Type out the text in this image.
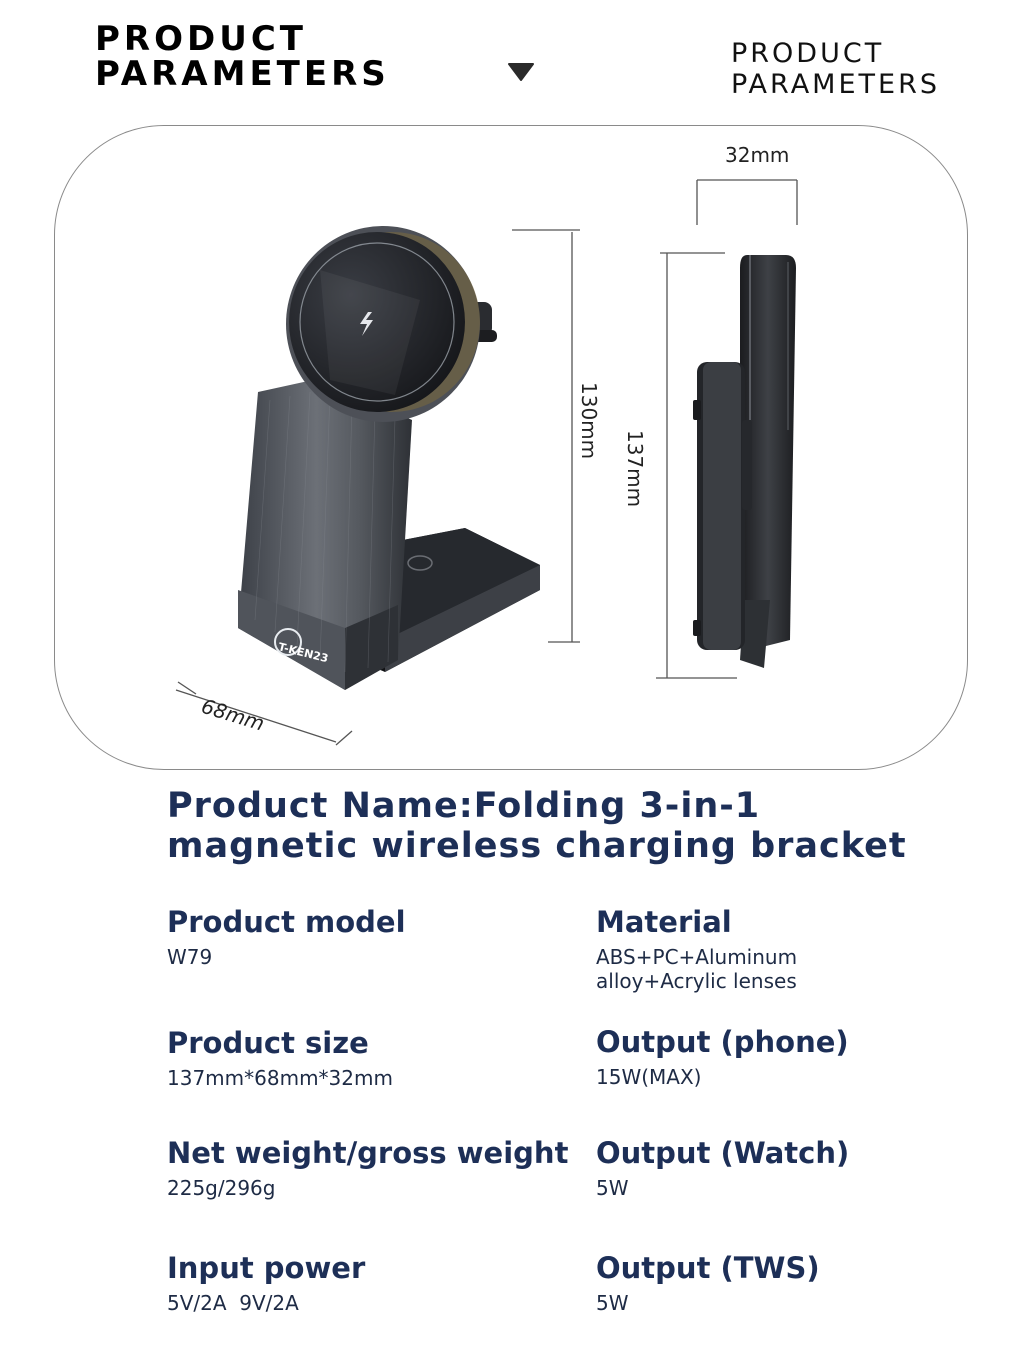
PRODUCT
PARAMETERS
PRODUCT
PARAMETERS
T-KEN23
32mm
130mm
137mm
68mm
Product Name:Folding 3-in-1
magnetic wireless charging bracket
Product model
W79
Product size
137mm*68mm*32mm
Net weight/gross weight
225g/296g
Input power
5V/2A  9V/2A
Material
ABS+PC+Aluminum
alloy+Acrylic lenses
Output (phone)
15W(MAX)
Output (Watch)
5W
Output (TWS)
5W
